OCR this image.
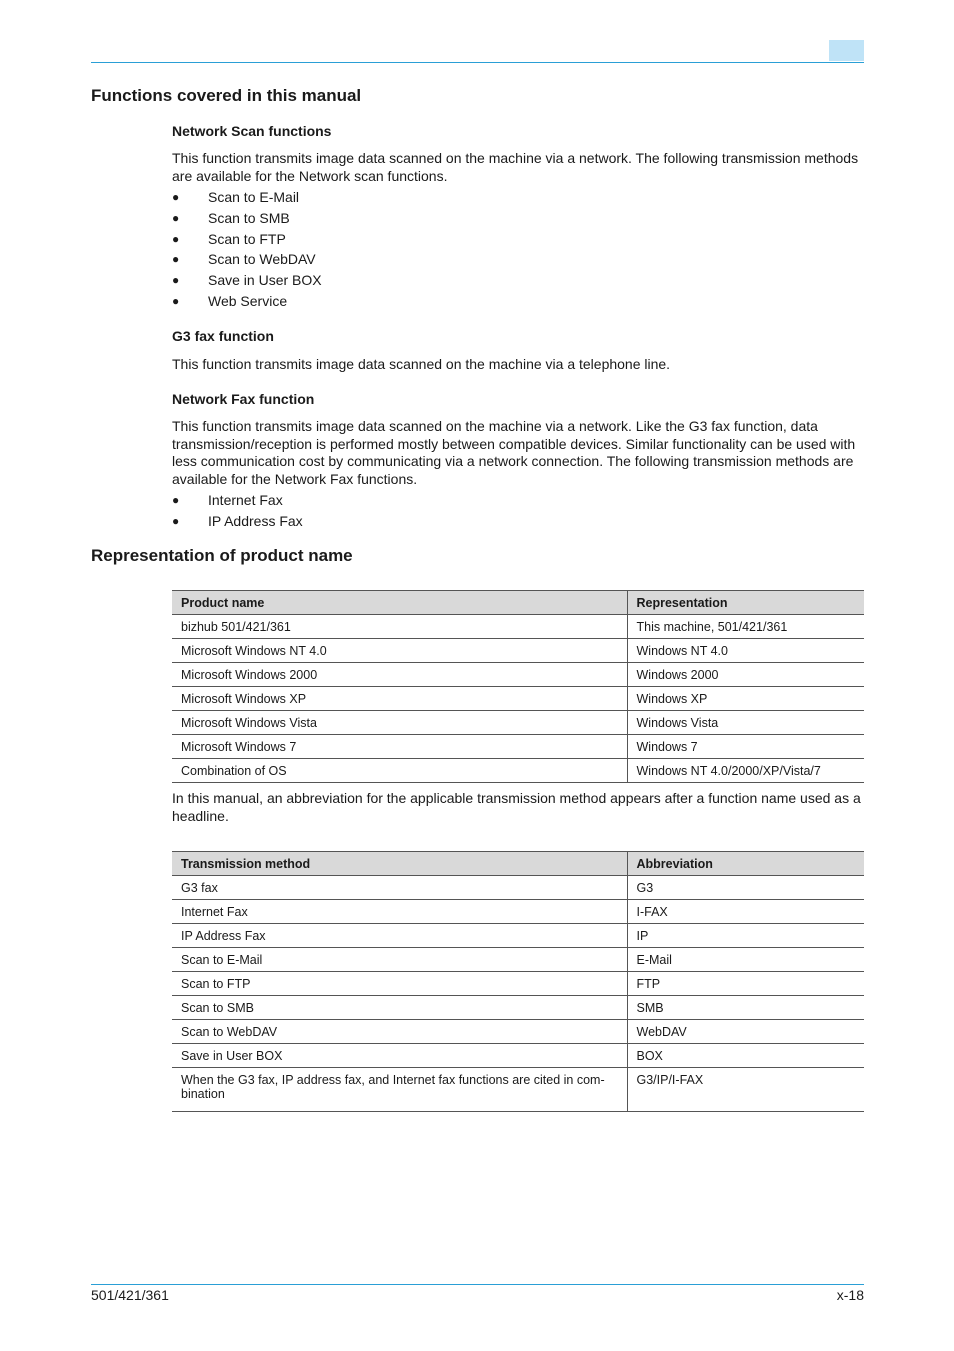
Functions covered in this manual
Network Scan functions

This function transmits image data scanned on the machine via a network. The following transmission methods are available for the Network scan functions.

● Scan to E-Mail
● Scan to SMB
● Scan to FTP
● Scan to WebDAV
● Save in User BOX
● Web Service
G3 fax function

This function transmits image data scanned on the machine via a telephone line.

Network Fax function

This function transmits image data scanned on the machine via a network. Like the G3 fax function, data transmission/reception is performed mostly between compatible devices. Similar functionality can be used with less communication cost by communicating via a network connection. The following transmission methods are available for the Network Fax functions.

● Internet Fax
● IP Address Fax
Representation of product name
Product name	Representation
bizhub 501/421/361	This machine, 501/421/361
Microsoft Windows NT 4.0	Windows NT 4.0
Microsoft Windows 2000	Windows 2000
Microsoft Windows XP	Windows XP
Microsoft Windows Vista	Windows Vista
Microsoft Windows 7	Windows 7
Combination of OS	Windows NT 4.0/2000/XP/Vista/7

In this manual, an abbreviation for the applicable transmission method appears after a function name used as a headline.

Transmission method	Abbreviation
G3 fax	G3
Internet Fax	I-FAX
IP Address Fax	IP
Scan to E-Mail	E-Mail
Scan to FTP	FTP
Scan to SMB	SMB
Scan to WebDAV	WebDAV
Save in User BOX	BOX
When the G3 fax, IP address fax, and Internet fax functions are cited in com-bination	G3/IP/I-FAX
501/421/361	x-18
